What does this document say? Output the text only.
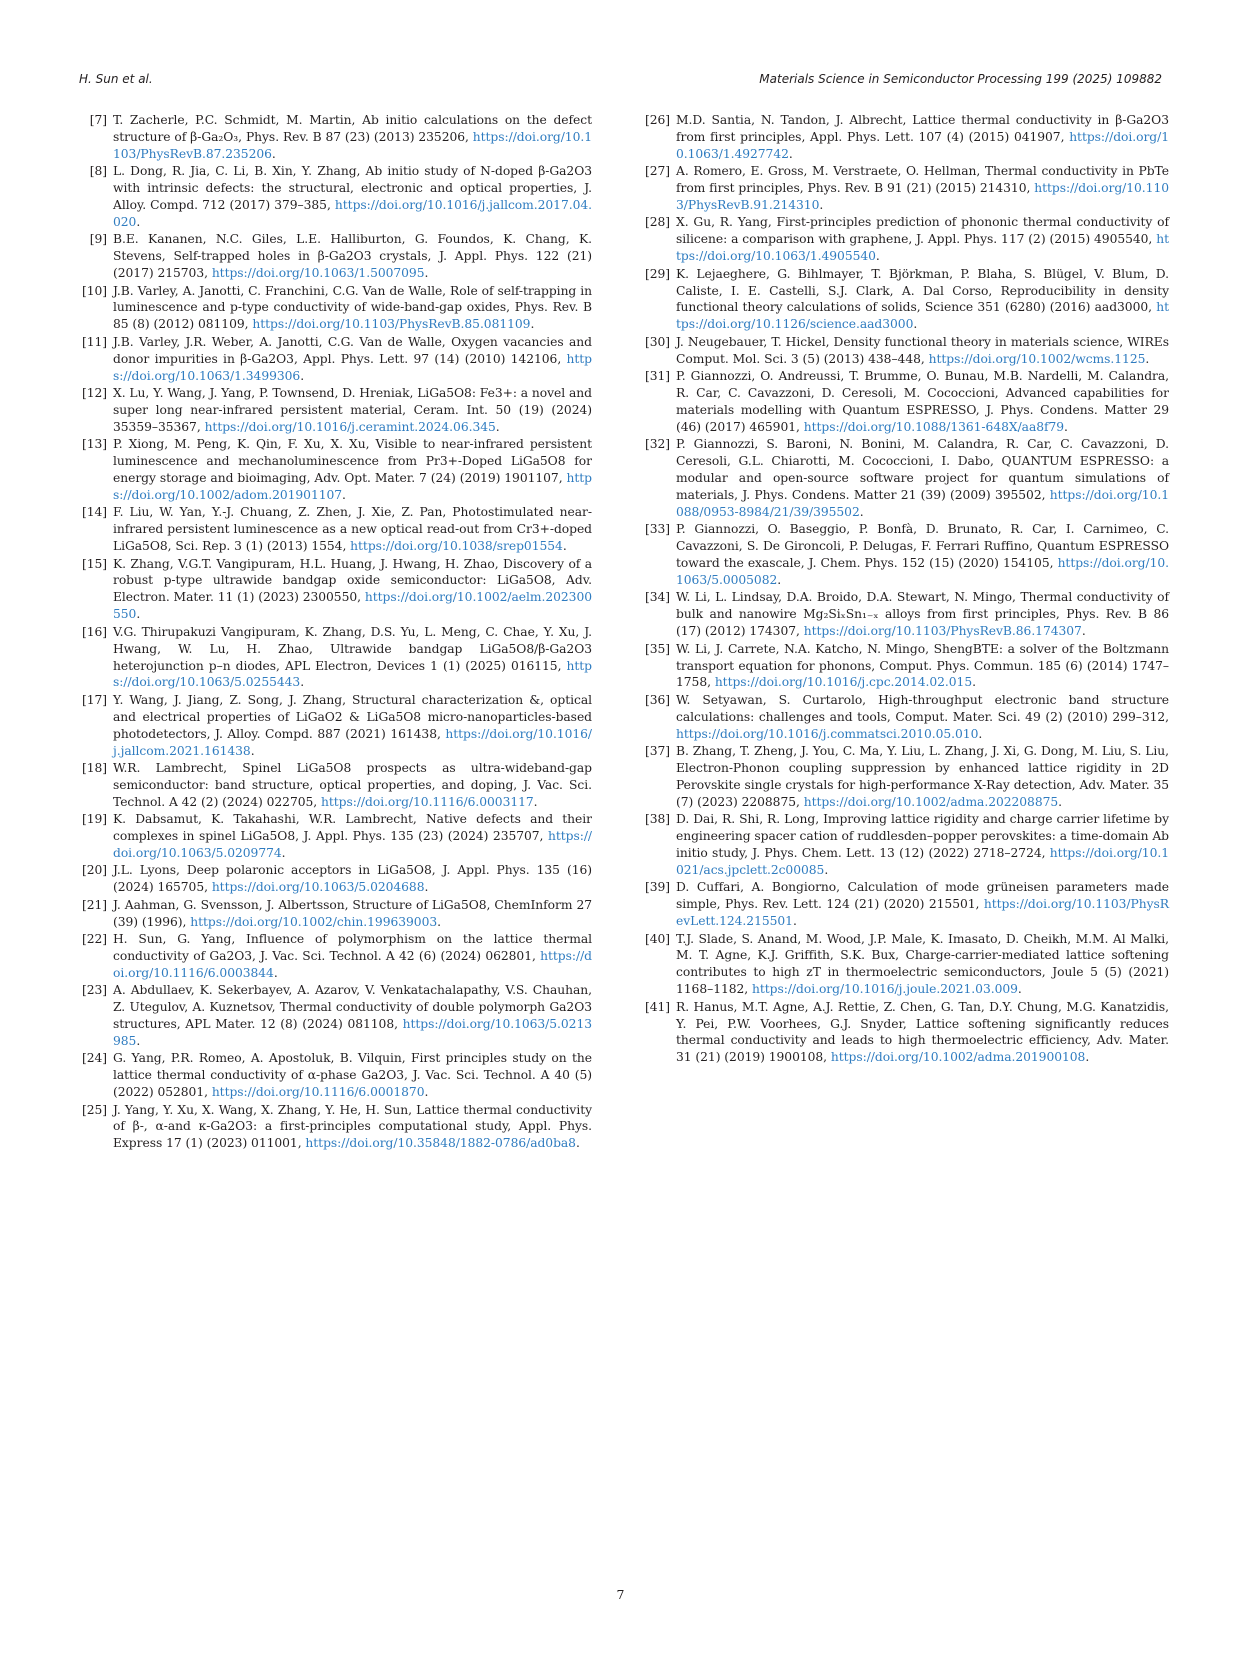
H. Sun et al.	Materials Science in Semiconductor Processing 199 (2025) 109882
[7] T. Zacherle, P.C. Schmidt, M. Martin, Ab initio calculations on the defect structure of β-Ga₂O₃, Phys. Rev. B 87 (23) (2013) 235206, https://doi.org/10.1103/PhysRevB.87.235206.
[8] L. Dong, R. Jia, C. Li, B. Xin, Y. Zhang, Ab initio study of N-doped β-Ga2O3 with intrinsic defects: the structural, electronic and optical properties, J. Alloy. Compd. 712 (2017) 379–385, https://doi.org/10.1016/j.jallcom.2017.04.020.
[9] B.E. Kananen, N.C. Giles, L.E. Halliburton, G. Foundos, K. Chang, K. Stevens, Self-trapped holes in β-Ga2O3 crystals, J. Appl. Phys. 122 (21) (2017) 215703, https://doi.org/10.1063/1.5007095.
[10] J.B. Varley, A. Janotti, C. Franchini, C.G. Van de Walle, Role of self-trapping in luminescence and p-type conductivity of wide-band-gap oxides, Phys. Rev. B 85 (8) (2012) 081109, https://doi.org/10.1103/PhysRevB.85.081109.
[11] J.B. Varley, J.R. Weber, A. Janotti, C.G. Van de Walle, Oxygen vacancies and donor impurities in β-Ga2O3, Appl. Phys. Lett. 97 (14) (2010) 142106, https://doi.org/10.1063/1.3499306.
[12] X. Lu, Y. Wang, J. Yang, P. Townsend, D. Hreniak, LiGa5O8: Fe3+: a novel and super long near-infrared persistent material, Ceram. Int. 50 (19) (2024) 35359–35367, https://doi.org/10.1016/j.ceramint.2024.06.345.
[13] P. Xiong, M. Peng, K. Qin, F. Xu, X. Xu, Visible to near-infrared persistent luminescence and mechanoluminescence from Pr3+-Doped LiGa5O8 for energy storage and bioimaging, Adv. Opt. Mater. 7 (24) (2019) 1901107, https://doi.org/10.1002/adom.201901107.
[14] F. Liu, W. Yan, Y.-J. Chuang, Z. Zhen, J. Xie, Z. Pan, Photostimulated near-infrared persistent luminescence as a new optical read-out from Cr3+-doped LiGa5O8, Sci. Rep. 3 (1) (2013) 1554, https://doi.org/10.1038/srep01554.
[15] K. Zhang, V.G.T. Vangipuram, H.L. Huang, J. Hwang, H. Zhao, Discovery of a robust p-type ultrawide bandgap oxide semiconductor: LiGa5O8, Adv. Electron. Mater. 11 (1) (2023) 2300550, https://doi.org/10.1002/aelm.202300550.
[16] V.G. Thirupakuzi Vangipuram, K. Zhang, D.S. Yu, L. Meng, C. Chae, Y. Xu, J. Hwang, W. Lu, H. Zhao, Ultrawide bandgap LiGa5O8/β-Ga2O3 heterojunction p–n diodes, APL Electron, Devices 1 (1) (2025) 016115, https://doi.org/10.1063/5.0255443.
[17] Y. Wang, J. Jiang, Z. Song, J. Zhang, Structural characterization &, optical and electrical properties of LiGaO2 & LiGa5O8 micro-nanoparticles-based photodetectors, J. Alloy. Compd. 887 (2021) 161438, https://doi.org/10.1016/j.jallcom.2021.161438.
[18] W.R. Lambrecht, Spinel LiGa5O8 prospects as ultra-wideband-gap semiconductor: band structure, optical properties, and doping, J. Vac. Sci. Technol. A 42 (2) (2024) 022705, https://doi.org/10.1116/6.0003117.
[19] K. Dabsamut, K. Takahashi, W.R. Lambrecht, Native defects and their complexes in spinel LiGa5O8, J. Appl. Phys. 135 (23) (2024) 235707, https://doi.org/10.1063/5.0209774.
[20] J.L. Lyons, Deep polaronic acceptors in LiGa5O8, J. Appl. Phys. 135 (16) (2024) 165705, https://doi.org/10.1063/5.0204688.
[21] J. Aahman, G. Svensson, J. Albertsson, Structure of LiGa5O8, ChemInform 27 (39) (1996), https://doi.org/10.1002/chin.199639003.
[22] H. Sun, G. Yang, Influence of polymorphism on the lattice thermal conductivity of Ga2O3, J. Vac. Sci. Technol. A 42 (6) (2024) 062801, https://doi.org/10.1116/6.0003844.
[23] A. Abdullaev, K. Sekerbayev, A. Azarov, V. Venkatachalapathy, V.S. Chauhan, Z. Utegulov, A. Kuznetsov, Thermal conductivity of double polymorph Ga2O3 structures, APL Mater. 12 (8) (2024) 081108, https://doi.org/10.1063/5.0213985.
[24] G. Yang, P.R. Romeo, A. Apostoluk, B. Vilquin, First principles study on the lattice thermal conductivity of α-phase Ga2O3, J. Vac. Sci. Technol. A 40 (5) (2022) 052801, https://doi.org/10.1116/6.0001870.
[25] J. Yang, Y. Xu, X. Wang, X. Zhang, Y. He, H. Sun, Lattice thermal conductivity of β-, α-and κ-Ga2O3: a first-principles computational study, Appl. Phys. Express 17 (1) (2023) 011001, https://doi.org/10.35848/1882-0786/ad0ba8.
[26] M.D. Santia, N. Tandon, J. Albrecht, Lattice thermal conductivity in β-Ga2O3 from first principles, Appl. Phys. Lett. 107 (4) (2015) 041907, https://doi.org/10.1063/1.4927742.
[27] A. Romero, E. Gross, M. Verstraete, O. Hellman, Thermal conductivity in PbTe from first principles, Phys. Rev. B 91 (21) (2015) 214310, https://doi.org/10.1103/PhysRevB.91.214310.
[28] X. Gu, R. Yang, First-principles prediction of phononic thermal conductivity of silicene: a comparison with graphene, J. Appl. Phys. 117 (2) (2015) 4905540, https://doi.org/10.1063/1.4905540.
[29] K. Lejaeghere, G. Bihlmayer, T. Björkman, P. Blaha, S. Blügel, V. Blum, D. Caliste, I. E. Castelli, S.J. Clark, A. Dal Corso, Reproducibility in density functional theory calculations of solids, Science 351 (6280) (2016) aad3000, https://doi.org/10.1126/science.aad3000.
[30] J. Neugebauer, T. Hickel, Density functional theory in materials science, WIREs Comput. Mol. Sci. 3 (5) (2013) 438–448, https://doi.org/10.1002/wcms.1125.
[31] P. Giannozzi, O. Andreussi, T. Brumme, O. Bunau, M.B. Nardelli, M. Calandra, R. Car, C. Cavazzoni, D. Ceresoli, M. Cococcioni, Advanced capabilities for materials modelling with Quantum ESPRESSO, J. Phys. Condens. Matter 29 (46) (2017) 465901, https://doi.org/10.1088/1361-648X/aa8f79.
[32] P. Giannozzi, S. Baroni, N. Bonini, M. Calandra, R. Car, C. Cavazzoni, D. Ceresoli, G.L. Chiarotti, M. Cococcioni, I. Dabo, QUANTUM ESPRESSO: a modular and open-source software project for quantum simulations of materials, J. Phys. Condens. Matter 21 (39) (2009) 395502, https://doi.org/10.1088/0953-8984/21/39/395502.
[33] P. Giannozzi, O. Baseggio, P. Bonfà, D. Brunato, R. Car, I. Carnimeo, C. Cavazzoni, S. De Gironcoli, P. Delugas, F. Ferrari Ruffino, Quantum ESPRESSO toward the exascale, J. Chem. Phys. 152 (15) (2020) 154105, https://doi.org/10.1063/5.0005082.
[34] W. Li, L. Lindsay, D.A. Broido, D.A. Stewart, N. Mingo, Thermal conductivity of bulk and nanowire Mg₂SiₓSn₁₋ₓ alloys from first principles, Phys. Rev. B 86 (17) (2012) 174307, https://doi.org/10.1103/PhysRevB.86.174307.
[35] W. Li, J. Carrete, N.A. Katcho, N. Mingo, ShengBTE: a solver of the Boltzmann transport equation for phonons, Comput. Phys. Commun. 185 (6) (2014) 1747–1758, https://doi.org/10.1016/j.cpc.2014.02.015.
[36] W. Setyawan, S. Curtarolo, High-throughput electronic band structure calculations: challenges and tools, Comput. Mater. Sci. 49 (2) (2010) 299–312, https://doi.org/10.1016/j.commatsci.2010.05.010.
[37] B. Zhang, T. Zheng, J. You, C. Ma, Y. Liu, L. Zhang, J. Xi, G. Dong, M. Liu, S. Liu, Electron-Phonon coupling suppression by enhanced lattice rigidity in 2D Perovskite single crystals for high-performance X-Ray detection, Adv. Mater. 35 (7) (2023) 2208875, https://doi.org/10.1002/adma.202208875.
[38] D. Dai, R. Shi, R. Long, Improving lattice rigidity and charge carrier lifetime by engineering spacer cation of ruddlesden–popper perovskites: a time-domain Ab initio study, J. Phys. Chem. Lett. 13 (12) (2022) 2718–2724, https://doi.org/10.1021/acs.jpclett.2c00085.
[39] D. Cuffari, A. Bongiorno, Calculation of mode grüneisen parameters made simple, Phys. Rev. Lett. 124 (21) (2020) 215501, https://doi.org/10.1103/PhysRevLett.124.215501.
[40] T.J. Slade, S. Anand, M. Wood, J.P. Male, K. Imasato, D. Cheikh, M.M. Al Malki, M. T. Agne, K.J. Griffith, S.K. Bux, Charge-carrier-mediated lattice softening contributes to high zT in thermoelectric semiconductors, Joule 5 (5) (2021) 1168–1182, https://doi.org/10.1016/j.joule.2021.03.009.
[41] R. Hanus, M.T. Agne, A.J. Rettie, Z. Chen, G. Tan, D.Y. Chung, M.G. Kanatzidis, Y. Pei, P.W. Voorhees, G.J. Snyder, Lattice softening significantly reduces thermal conductivity and leads to high thermoelectric efficiency, Adv. Mater. 31 (21) (2019) 1900108, https://doi.org/10.1002/adma.201900108.
7
